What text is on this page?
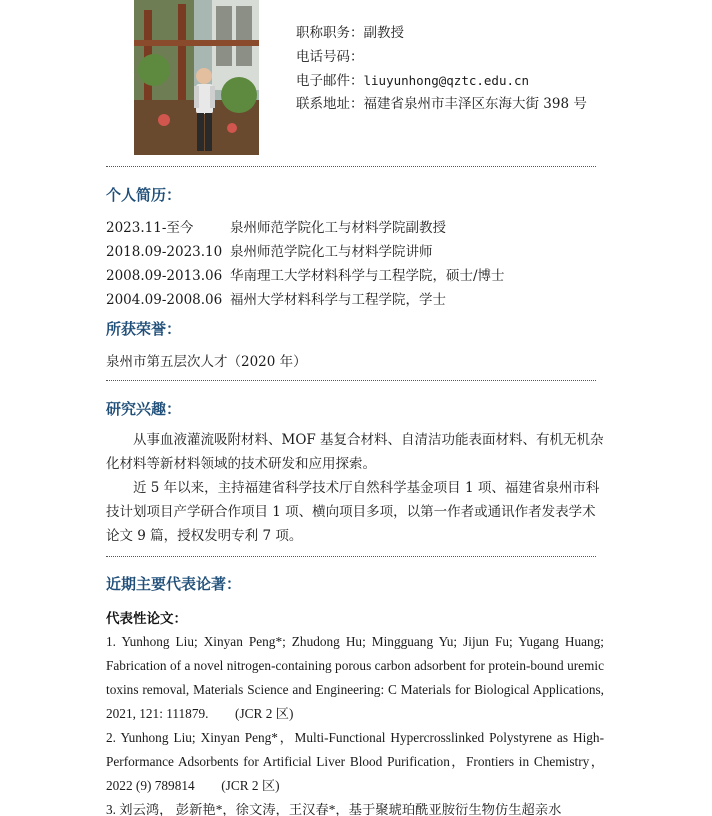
职称职务：副教授
电话号码：
电子邮件：liuyunhong@qztc.edu.cn
联系地址：福建省泉州市丰泽区东海大街 398 号
个人简历：
2023.11-至今	泉州师范学院化工与材料学院副教授
2018.09-2023.10 泉州师范学院化工与材料学院讲师
2008.09-2013.06 华南理工大学材料科学与工程学院，硕士/博士
2004.09-2008.06 福州大学材料科学与工程学院，学士
所获荣誉：
泉州市第五层次人才（2020 年）
研究兴趣：
从事血液灌流吸附材料、MOF 基复合材料、自清洁功能表面材料、有机无机杂化材料等新材料领域的技术研发和应用探索。
近 5 年以来，主持福建省科学技术厅自然科学基金项目 1 项、福建省泉州市科技计划项目产学研合作项目 1 项、横向项目多项，以第一作者或通讯作者发表学术论文 9 篇，授权发明专利 7 项。
近期主要代表论著：
代表性论文：
1. Yunhong Liu; Xinyan Peng*; Zhudong Hu; Mingguang Yu; Jijun Fu; Yugang Huang; Fabrication of a novel nitrogen-containing porous carbon adsorbent for protein-bound uremic toxins removal, Materials Science and Engineering: C Materials for Biological Applications, 2021, 121: 111879.　　(JCR 2 区)
2. Yunhong Liu; Xinyan Peng*，Multi-Functional Hypercrosslinked Polystyrene as High-Performance Adsorbents for Artificial Liver Blood Purification，Frontiers in Chemistry，2022 (9) 789814　　(JCR 2 区)
3. 刘云鸿， 彭新艳*，徐文涛，王汉春*，基于聚琥珀酰亚胺衍生物仿生超亲水
